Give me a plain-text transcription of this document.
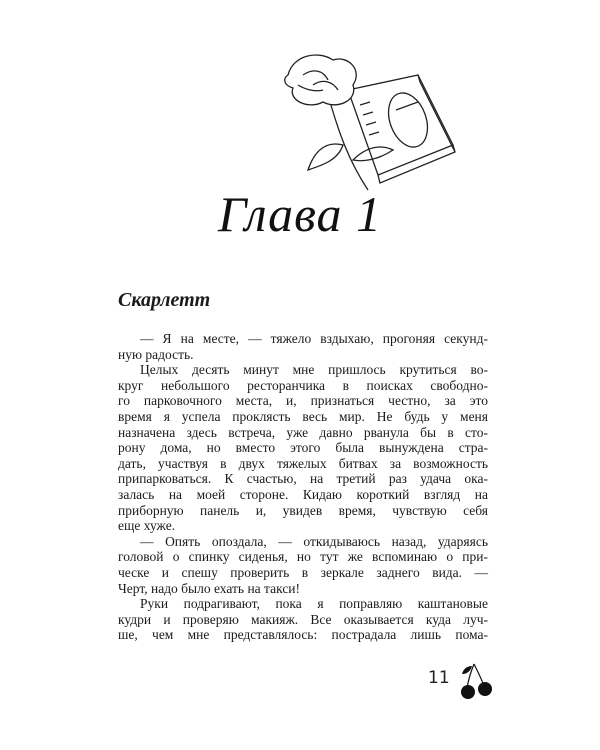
Глава 1
Скарлетт
— Я на месте, — тяжело вздыхаю, прогоняя секунд-
ную радость.
Целых десять минут мне пришлось крутиться во-
круг небольшого ресторанчика в поисках свободно-
го парковочного места, и, признаться честно, за это
время я успела проклясть весь мир. Не будь у меня
назначена здесь встреча, уже давно рванула бы в сто-
рону дома, но вместо этого была вынуждена стра-
дать, участвуя в двух тяжелых битвах за возможность
припарковаться. К счастью, на третий раз удача ока-
залась на моей стороне. Кидаю короткий взгляд на
приборную панель и, увидев время, чувствую себя
еще хуже.
— Опять опоздала, — откидываюсь назад, ударяясь
головой о спинку сиденья, но тут же вспоминаю о при-
ческе и спешу проверить в зеркале заднего вида. —
Черт, надо было ехать на такси!
Руки подрагивают, пока я поправляю каштановые
кудри и проверяю макияж. Все оказывается куда луч-
ше, чем мне представлялось: пострадала лишь пома-
11
